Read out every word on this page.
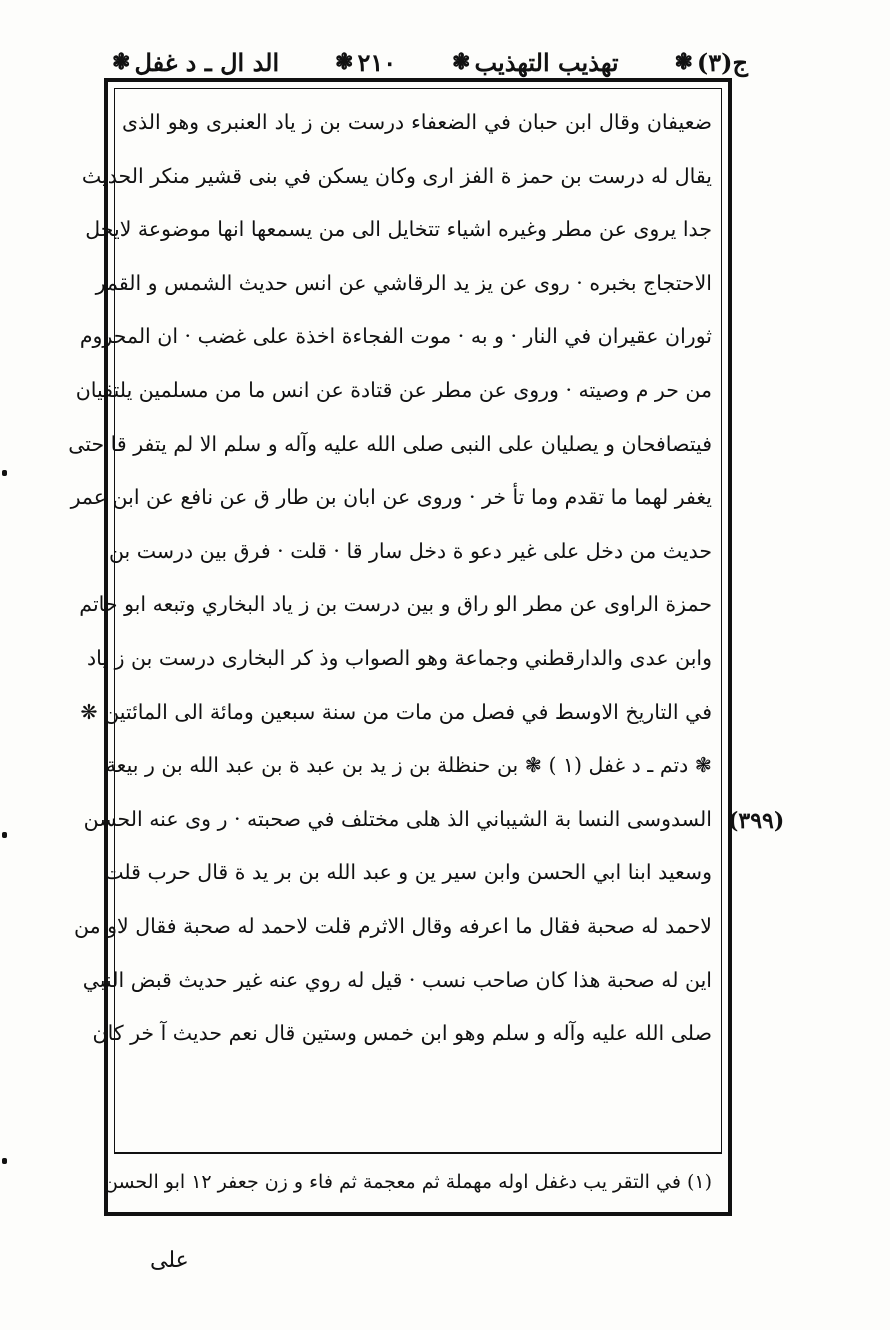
ج(٣)
❃
تهذيب التهذيب
❃
٢١٠
❃
الد ال ـ د غفل
❃
ضعيفان وقال ابن حبان في الضعفاء درست بن ز ياد العنبرى وهو الذى
يقال له درست بن حمز ة الفز ارى وكان يسكن في بنى قشير منكر الحديث
جدا يروى عن مطر وغيره اشياء تتخايل الى من يسمعها انها موضوعة لايحل
الاحتجاج بخبره · روى عن يز يد الرقاشي عن انس حديث الشمس و القمر
ثوران عقيران في النار · و به · موت الفجاءة اخذة على غضب · ان المحروم
من حر م وصيته · وروى عن مطر عن قتادة عن انس ما من مسلمين يلتقيان
فيتصافحان و يصليان على النبى صلى الله عليه وآله و سلم الا لم يتفر قا حتى
يغفر لهما ما تقدم وما تأ خر · وروى عن ابان بن طار ق عن نافع عن ابن عمر
حديث من دخل على غير دعو ة دخل سار قا · قلت · فرق بين درست بن
حمزة الراوى عن مطر الو راق و بين درست بن ز ياد البخاري وتبعه ابو حاتم
وابن عدى والدارقطني وجماعة وهو الصواب وذ كر البخارى درست بن ز ياد
في التاريخ الاوسط في فصل من مات من سنة سبعين ومائة الى المائتين ❋
❃ دتم ـ د غفل (١ ) ❃ بن حنظلة بن ز يد بن عبد ة بن عبد الله بن ر بيعة
السدوسى النسا بة الشيباني الذ هلى مختلف في صحبته · ر وى عنه الحسن
وسعيد ابنا ابي الحسن وابن سير ين و عبد الله بن بر يد ة قال حرب قلت
لاحمد له صحبة فقال ما اعرفه وقال الاثرم قلت لاحمد له صحبة فقال لاو من
اين له صحبة هذا كان صاحب نسب · قيل له روي عنه غير حديث قبض النبي
صلى الله عليه وآله و سلم وهو ابن خمس وستين قال نعم حديث آ خر كان
(٣٩٩)
(١) في التقر يب دغفل اوله مهملة ثم معجمة ثم فاء و زن جعفر ١٢ ابو الحسن
على
